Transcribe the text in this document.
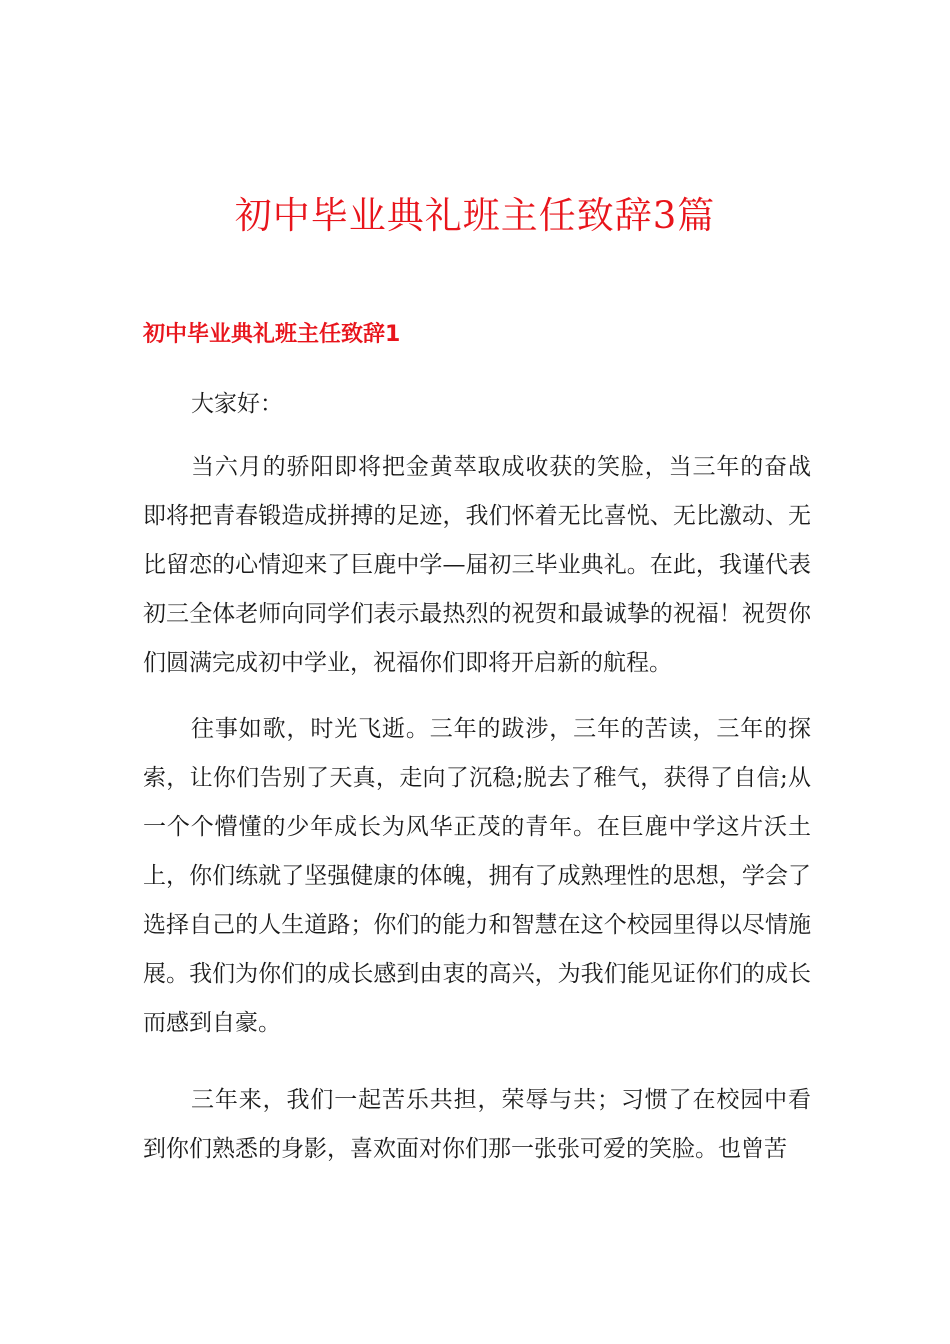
初中毕业典礼班主任致辞3篇
初中毕业典礼班主任致辞1

大家好：

当六月的骄阳即将把金黄萃取成收获的笑脸，当三年的奋战即将把青春锻造成拼搏的足迹，我们怀着无比喜悦、无比激动、无比留恋的心情迎来了巨鹿中学—届初三毕业典礼。在此，我谨代表初三全体老师向同学们表示最热烈的祝贺和最诚挚的祝福！祝贺你们圆满完成初中学业，祝福你们即将开启新的航程。

往事如歌，时光飞逝。三年的跋涉，三年的苦读，三年的探索，让你们告别了天真，走向了沉稳;脱去了稚气，获得了自信;从一个个懵懂的少年成长为风华正茂的青年。在巨鹿中学这片沃土上，你们练就了坚强健康的体魄，拥有了成熟理性的思想，学会了选择自己的人生道路；你们的能力和智慧在这个校园里得以尽情施展。我们为你们的成长感到由衷的高兴，为我们能见证你们的成长而感到自豪。

三年来，我们一起苦乐共担，荣辱与共；习惯了在校园中看到你们熟悉的身影，喜欢面对你们那一张张可爱的笑脸。也曾苦
